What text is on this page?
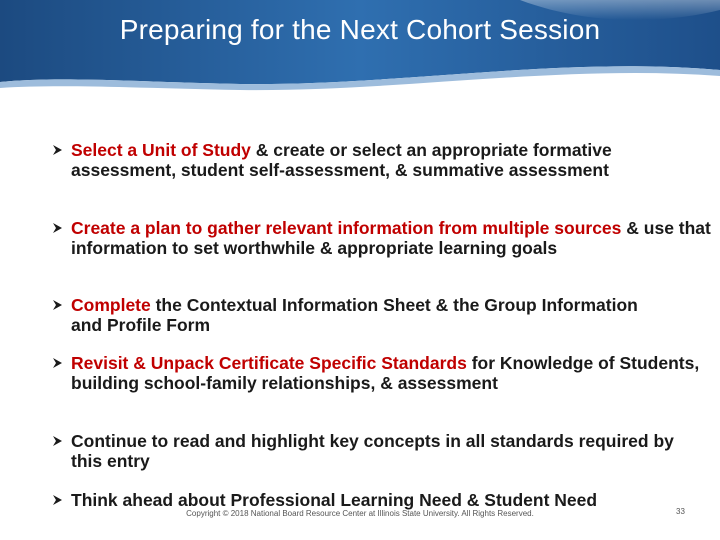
Preparing for the Next Cohort Session
Select a Unit of Study & create or select an appropriate formative assessment, student self-assessment, & summative assessment
Create a plan to gather relevant information from multiple sources & use that information to set worthwhile & appropriate learning goals
Complete the Contextual Information Sheet & the Group Information and Profile Form
Revisit & Unpack Certificate Specific Standards for Knowledge of Students, building school-family relationships, & assessment
Continue to read and highlight key concepts in all standards required by this entry
Think ahead about Professional Learning Need & Student Need
Copyright © 2018 National Board Resource Center at Illinois State University. All Rights Reserved.	33
